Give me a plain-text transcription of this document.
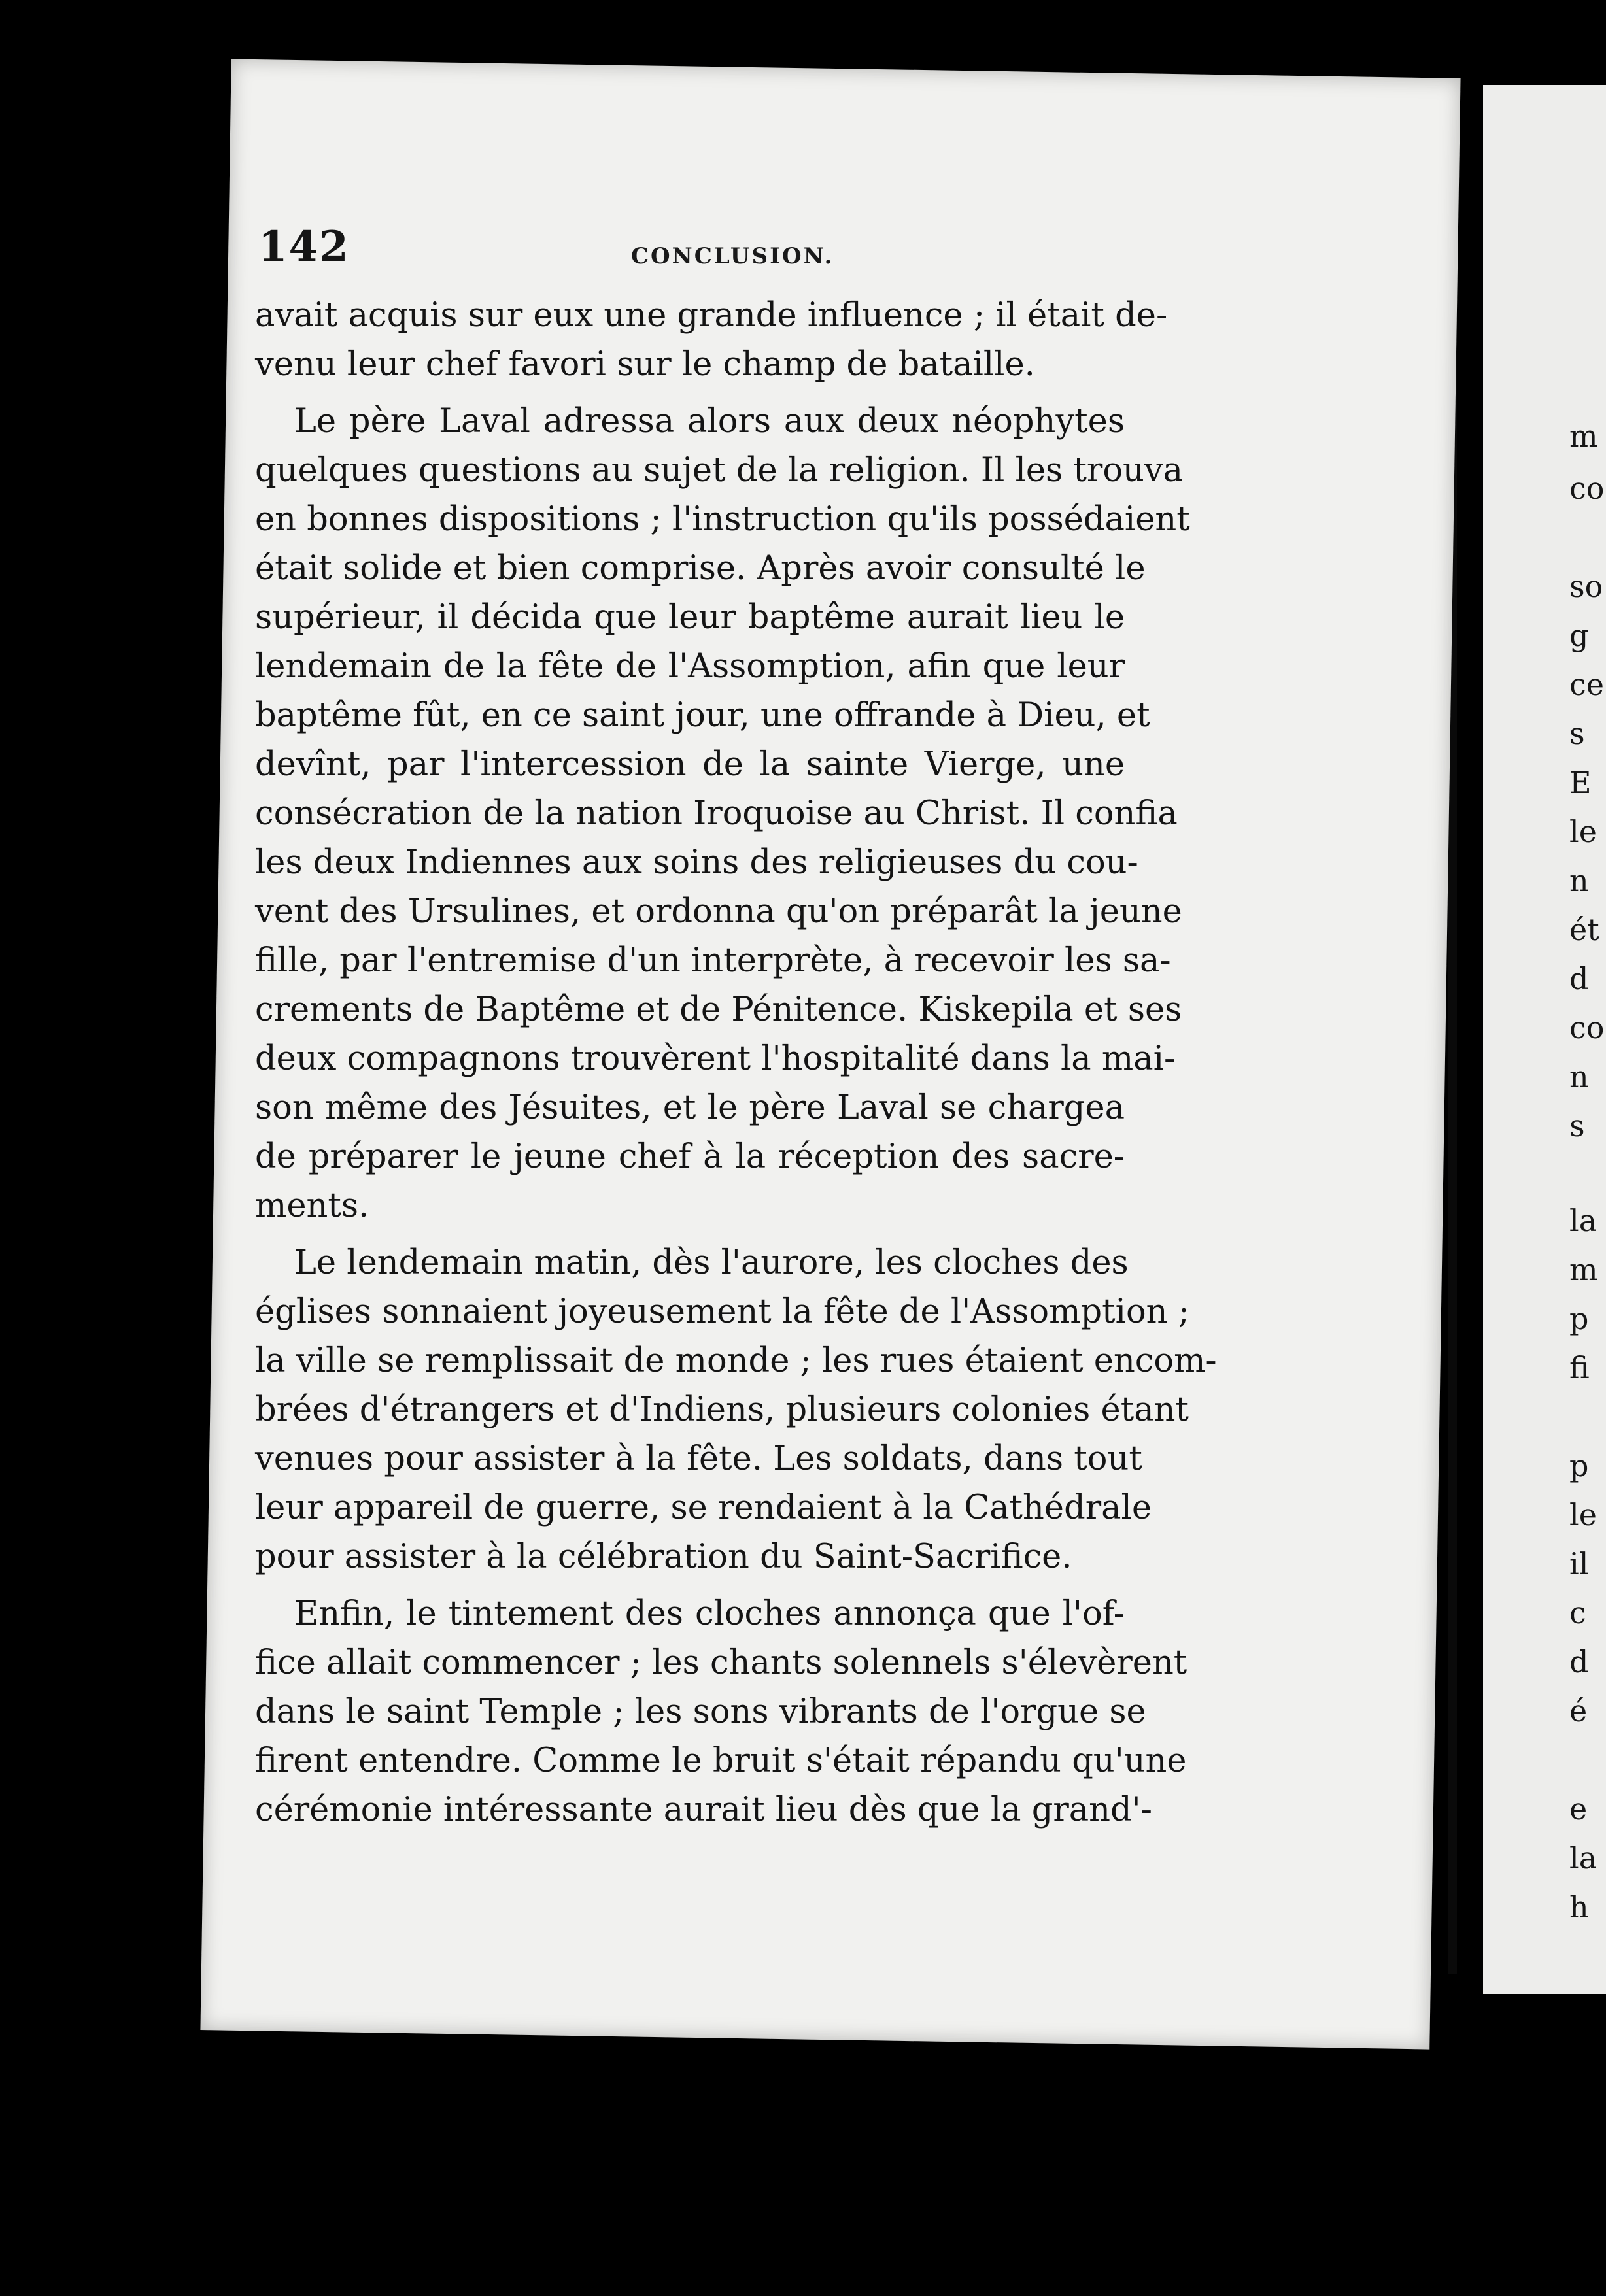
142	CONCLUSION.
avait acquis sur eux une grande influence ; il était de-
venu leur chef favori sur le champ de bataille.
Le père Laval adressa alors aux deux néophytes
quelques questions au sujet de la religion. Il les trouva
en bonnes dispositions ; l'instruction qu'ils possédaient
était solide et bien comprise. Après avoir consulté le
supérieur, il décida que leur baptême aurait lieu le
lendemain de la fête de l'Assomption, afin que leur
baptême fût, en ce saint jour, une offrande à Dieu, et
devînt, par l'intercession de la sainte Vierge, une
consécration de la nation Iroquoise au Christ. Il confia
les deux Indiennes aux soins des religieuses du cou-
vent des Ursulines, et ordonna qu'on préparât la jeune
fille, par l'entremise d'un interprète, à recevoir les sa-
crements de Baptême et de Pénitence. Kiskepila et ses
deux compagnons trouvèrent l'hospitalité dans la mai-
son même des Jésuites, et le père Laval se chargea
de préparer le jeune chef à la réception des sacre-
ments.
Le lendemain matin, dès l'aurore, les cloches des
églises sonnaient joyeusement la fête de l'Assomption ;
la ville se remplissait de monde ; les rues étaient encom-
brées d'étrangers et d'Indiens, plusieurs colonies étant
venues pour assister à la fête. Les soldats, dans tout
leur appareil de guerre, se rendaient à la Cathédrale
pour assister à la célébration du Saint-Sacrifice.
Enfin, le tintement des cloches annonça que l'of-
fice allait commencer ; les chants solennels s'élevèrent
dans le saint Temple ; les sons vibrants de l'orgue se
firent entendre. Comme le bruit s'était répandu qu'une
cérémonie intéressante aurait lieu dès que la grand'-
m
co
so
g
ce
s
E
le
n
ét
d
co
n
s
la
m
p
fi
p
le
il
c
d
é
e
la
h
